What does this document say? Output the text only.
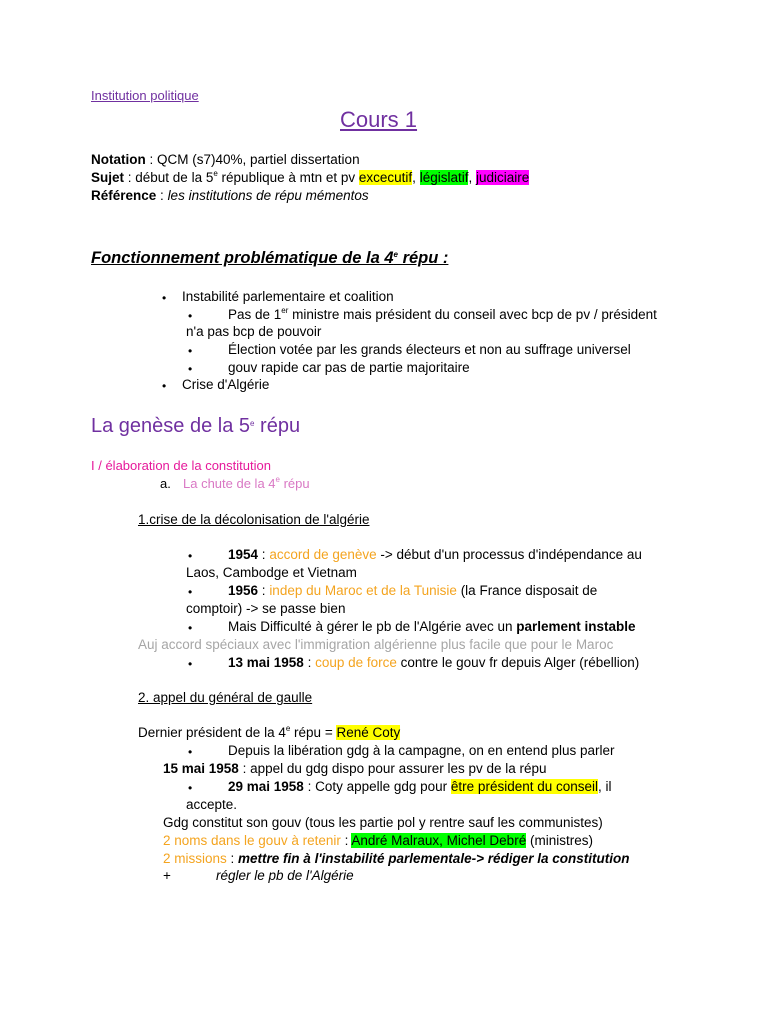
Institution politique
Cours 1
Notation : QCM (s7)40%, partiel dissertation
Sujet : début de la 5e république à mtn et pv excecutif, législatif, judiciaire
Référence : les institutions de répu mémentos
Fonctionnement problématique de la 4e répu :
• Instabilité parlementaire et coalition
•	Pas de 1er ministre mais président du conseil avec bcp de pv / président
n'a pas bcp de pouvoir
•	Élection votée par les grands électeurs et non au suffrage universel
•	gouv rapide car pas de partie majoritaire
• Crise d'Algérie
La genèse de la 5e répu
I / élaboration de la constitution
a. La chute de la 4e répu
1.crise de la décolonisation de l'algérie
•	1954 : accord de genève -> début d'un processus d'indépendance au
Laos, Cambodge et Vietnam
•	1956 : indep du Maroc et de la Tunisie (la France disposait de
comptoir) -> se passe bien
•	Mais Difficulté à gérer le pb de l'Algérie avec un parlement instable
Auj accord spéciaux avec l'immigration algérienne plus facile que pour le Maroc
•	13 mai 1958 : coup de force contre le gouv fr depuis Alger (rébellion)
2. appel du général de gaulle
Dernier président de la 4e répu = René Coty
•	Depuis la libération gdg à la campagne, on en entend plus parler
15 mai 1958 : appel du gdg dispo pour assurer les pv de la répu
•	29 mai 1958 : Coty appelle gdg pour être président du conseil, il
accepte.
Gdg constitut son gouv (tous les partie pol y rentre sauf les communistes)
2 noms dans le gouv à retenir : André Malraux, Michel Debré (ministres)
2 missions : mettre fin à l'instabilité parlementale-> rédiger la constitution
+	régler le pb de l'Algérie
